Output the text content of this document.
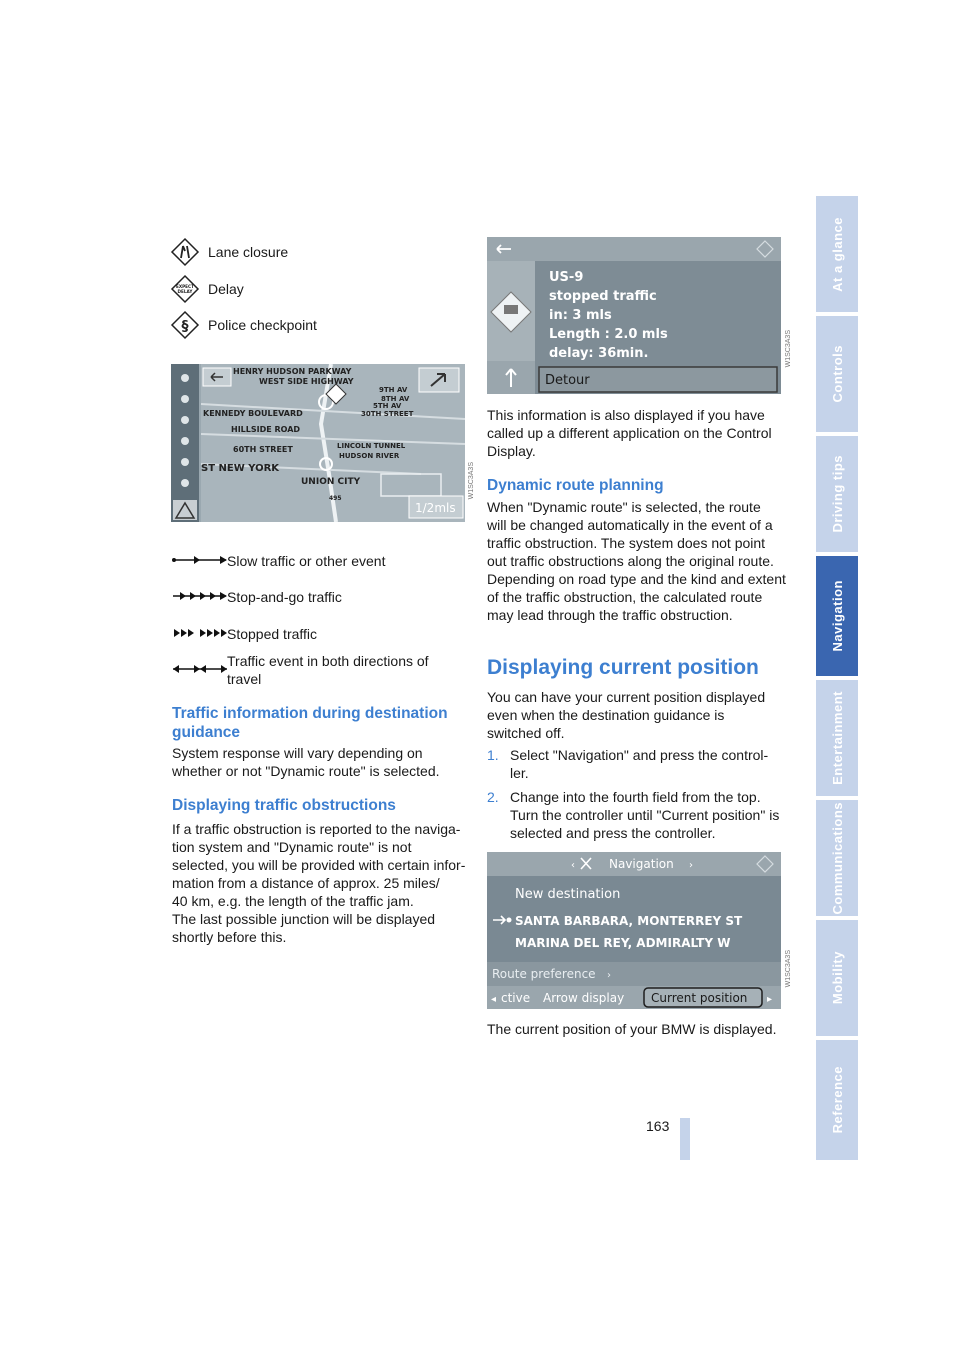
At a glance
Controls
Driving tips
Navigation
Entertainment
Communications
Mobility
Reference
Lane closure
EXPECT
DELAY Delay
§ Police checkpoint
HENRY HUDSON PARKWAY
WEST SIDE HIGHWAY
KENNEDY BOULEVARD
HILLSIDE ROAD
60TH STREET
ST NEW YORK
UNION CITY
LINCOLN TUNNEL
HUDSON RIVER
30TH STREET
9TH AV
8TH AV
5TH AV
495
1/2mls
W1SC3A3S
Slow traffic or other event
Stop-and-go traffic
Stopped traffic
Traffic event in both directions of travel
Traffic information during destination guidance
System response will vary depending on whether or not "Dynamic route" is selected.
Displaying traffic obstructions
If a traffic obstruction is reported to the naviga-
tion system and "Dynamic route" is not
selected, you will be provided with certain infor-
mation from a distance of approx. 25 miles/
40 km, e.g. the length of the traffic jam.
The last possible junction will be displayed
shortly before this.
US-9
stopped traffic
in: 3 mls
Length : 2.0 mls
delay: 36min.
Detour
W1SC3A3S
This information is also displayed if you have called up a different application on the Control Display.
Dynamic route planning
When "Dynamic route" is selected, the route
will be changed automatically in the event of a
traffic obstruction. The system does not point
out traffic obstructions along the original route.
Depending on road type and the kind and extent
of the traffic obstruction, the calculated route
may lead through the traffic obstruction.
Displaying current position
You can have your current position displayed even when the destination guidance is switched off.
1. Select "Navigation" and press the control-ler.
2. Change into the fourth field from the top. Turn the controller until "Current position" is selected and press the controller.
‹	›
Navigation
New destination
SANTA BARBARA, MONTERREY ST
MARINA DEL REY, ADMIRALTY W
Route preference ›
◂ ctive Arrow display Current position ▸
W1SC3A3S
The current position of your BMW is displayed.
163
